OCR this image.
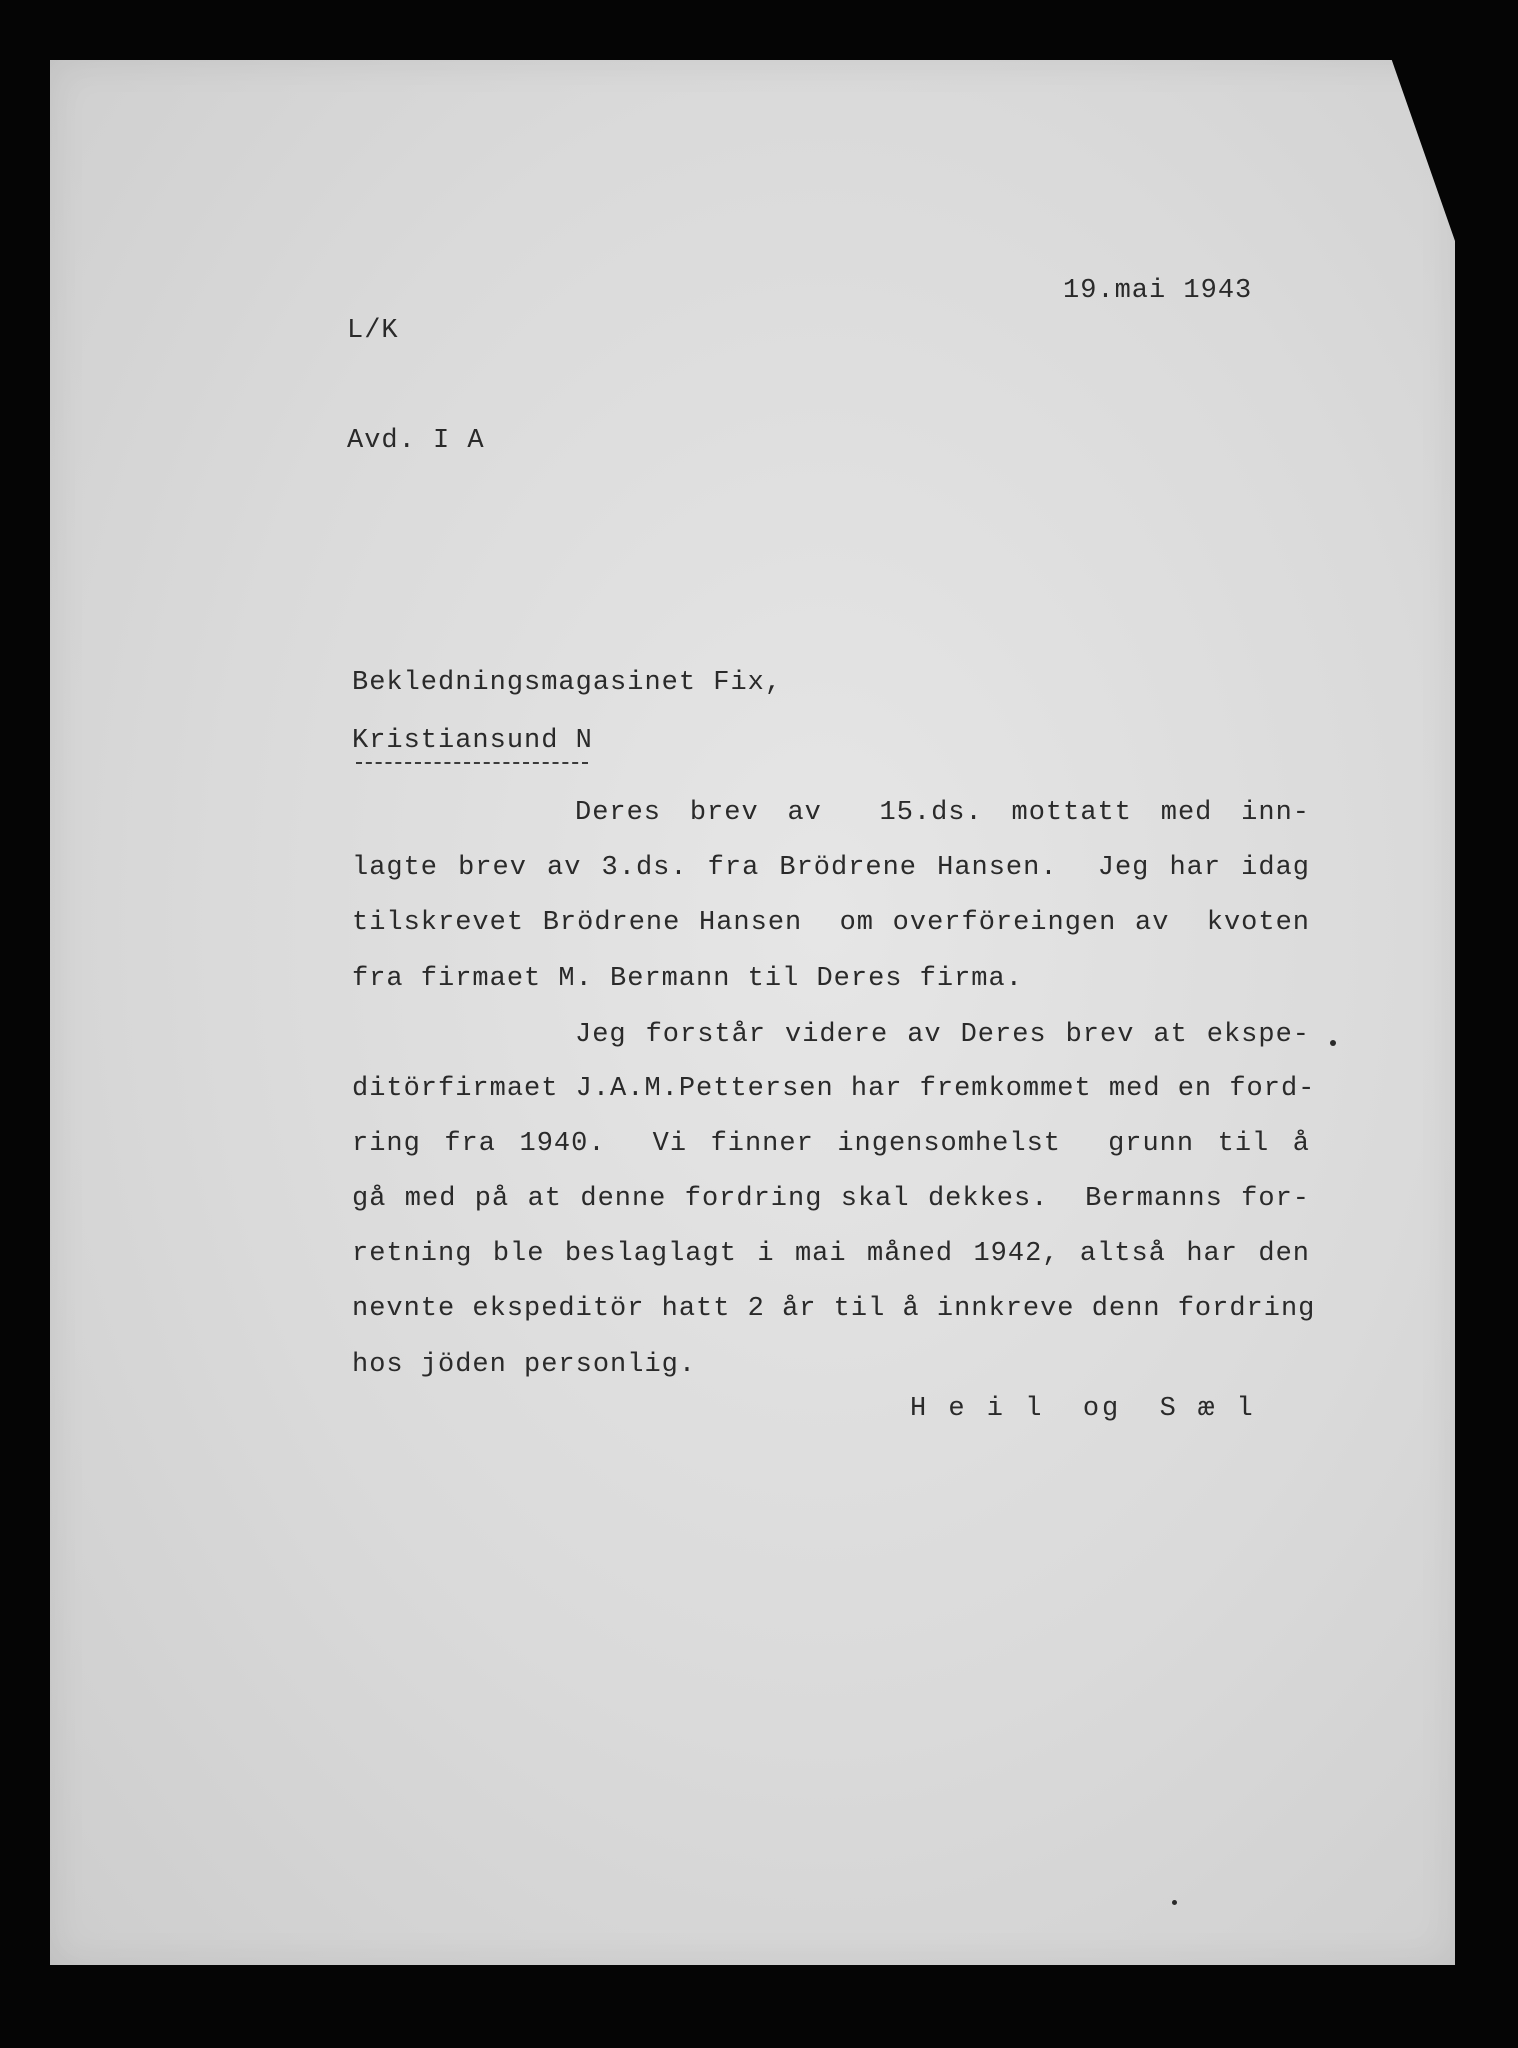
19.mai 1943
L/K
Avd. I A
Bekledningsmagasinet Fix,
Kristiansund N
Deres brev av  15.ds. mottatt med inn-
lagte brev av 3.ds. fra Brödrene Hansen.  Jeg har idag
tilskrevet Brödrene Hansen  om overföreingen av  kvoten
fra firmaet M. Bermann til Deres firma.
Jeg forstår videre av Deres brev at ekspe-
ditörfirmaet J.A.M.Pettersen har fremkommet med en ford-
ring fra 1940.  Vi finner ingensomhelst  grunn til å
gå med på at denne fordring skal dekkes.  Bermanns for-
retning ble beslaglagt i mai måned 1942, altså har den
nevnte ekspeditör hatt 2 år til å innkreve denn fordring
hos jöden personlig.
H e i l  og  S æ l
